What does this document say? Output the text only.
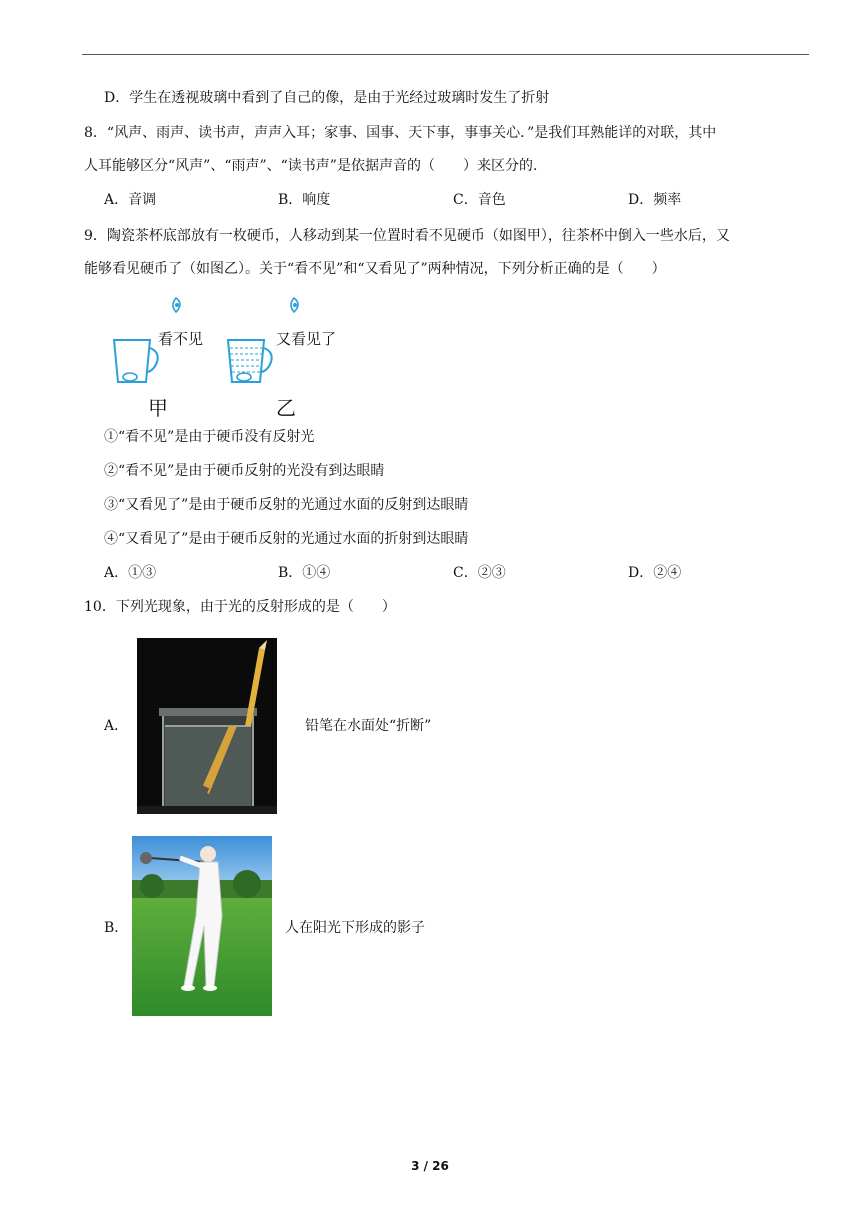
D．学生在透视玻璃中看到了自己的像，是由于光经过玻璃时发生了折射
8．“风声、雨声、读书声，声声入耳；家事、国事、天下事，事事关心．”是我们耳熟能详的对联，其中
人耳能够区分“风声”、“雨声”、“读书声”是依据声音的（　　）来区分的.
A．音调	B．响度	C．音色	D．频率
9．陶瓷茶杯底部放有一枚硬币，人移动到某一位置时看不见硬币（如图甲），往茶杯中倒入一些水后，又
能够看见硬币了（如图乙）。关于“看不见”和“又看见了”两种情况，下列分析正确的是（　　）
看不见	又看见了
甲	乙
①“看不见”是由于硬币没有反射光
②“看不见”是由于硬币反射的光没有到达眼睛
③“又看见了”是由于硬币反射的光通过水面的反射到达眼睛
④“又看见了”是由于硬币反射的光通过水面的折射到达眼睛
A．①③	B．①④	C．②③	D．②④
10．下列光现象，由于光的反射形成的是（　　）
A．	铅笔在水面处“折断”
B．	人在阳光下形成的影子
3 / 26
